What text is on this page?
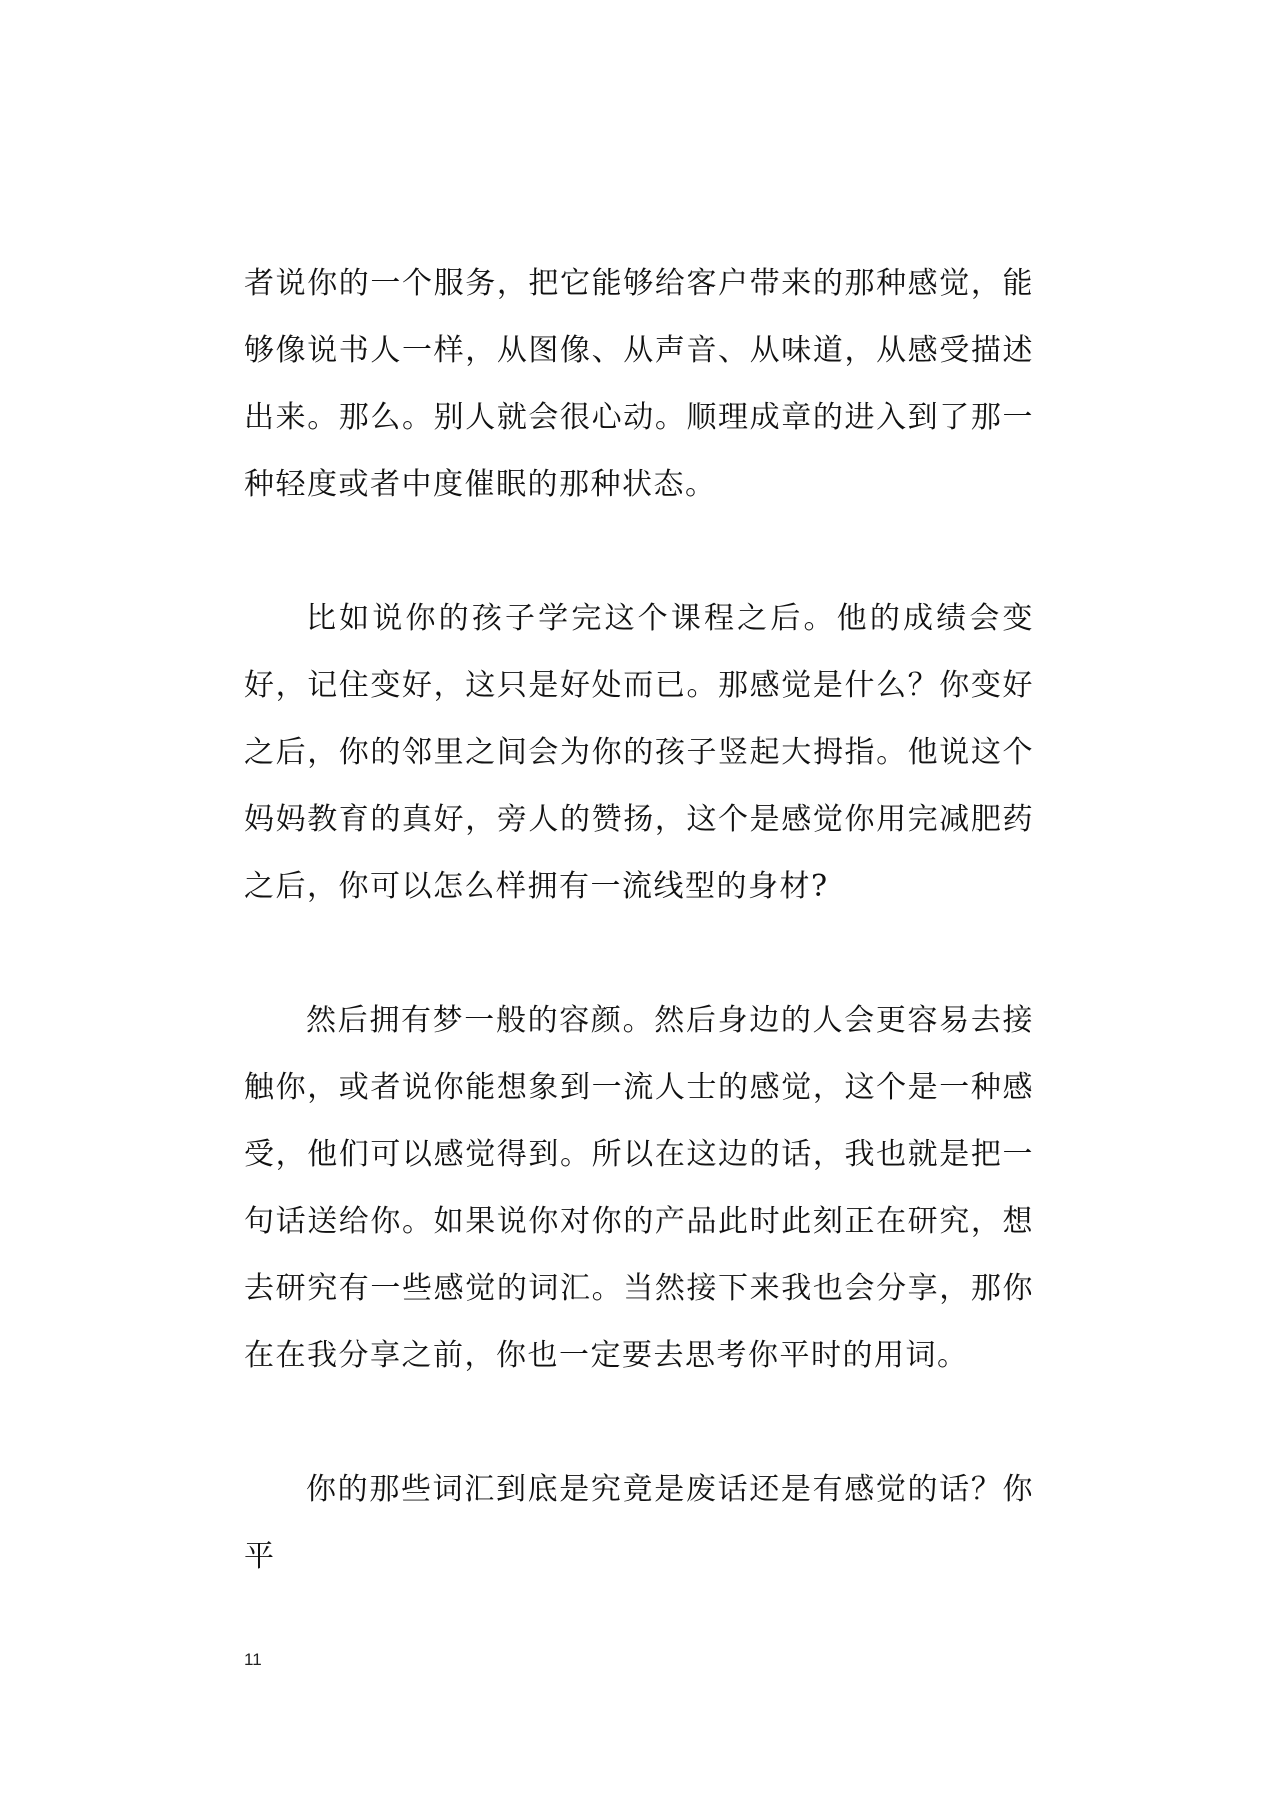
者说你的一个服务，把它能够给客户带来的那种感觉，能够像说书人一样，从图像、从声音、从味道，从感受描述出来。那么。别人就会很心动。顺理成章的进入到了那一种轻度或者中度催眠的那种状态。

比如说你的孩子学完这个课程之后。他的成绩会变好，记住变好，这只是好处而已。那感觉是什么？你变好之后，你的邻里之间会为你的孩子竖起大拇指。他说这个妈妈教育的真好，旁人的赞扬，这个是感觉你用完减肥药之后，你可以怎么样拥有一流线型的身材?

然后拥有梦一般的容颜。然后身边的人会更容易去接触你，或者说你能想象到一流人士的感觉，这个是一种感受，他们可以感觉得到。所以在这边的话，我也就是把一句话送给你。如果说你对你的产品此时此刻正在研究，想去研究有一些感觉的词汇。当然接下来我也会分享，那你在在我分享之前，你也一定要去思考你平时的用词。

你的那些词汇到底是究竟是废话还是有感觉的话？你平

11
